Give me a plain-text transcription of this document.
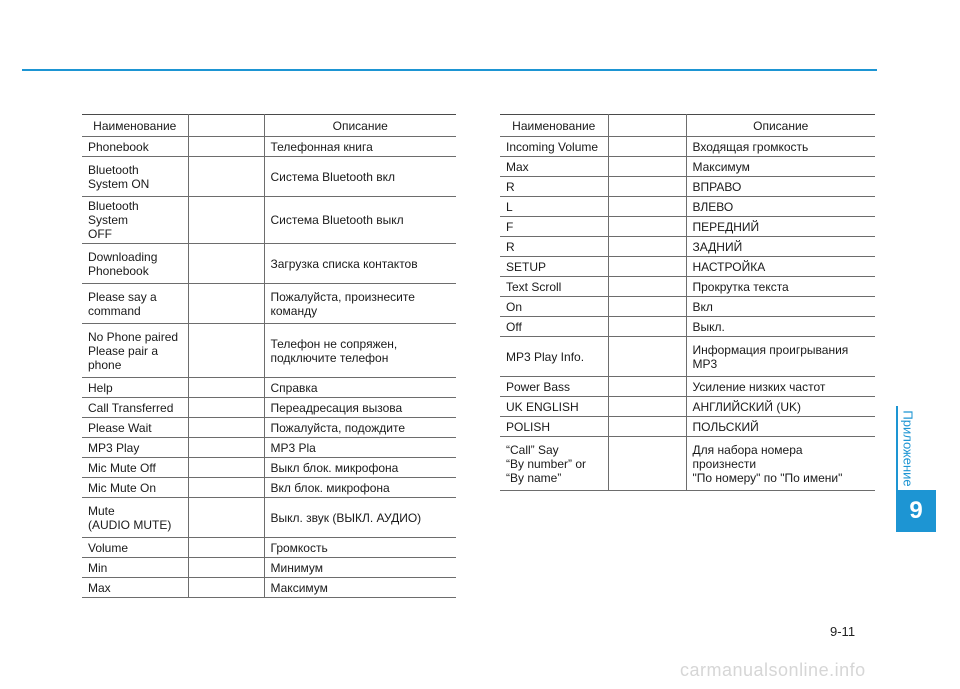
Наименование		Описание

Phonebook		Телефонная книга

Bluetooth
System ON		Система Bluetooth вкл

Bluetooth System
OFF		Система Bluetooth выкл

Downloading
Phonebook		Загрузка списка контактов

Please say a
command		Пожалуйста, произнесите
команду

No Phone paired
Please pair a
phone		Телефон не сопряжен,
подключите телефон

Help		Справка

Call Transferred		Переадресация вызова

Please Wait		Пожалуйста, подождите

MP3 Play		MP3 Pla

Mic Mute Off		Выкл блок. микрофона

Mic Mute On		Вкл блок. микрофона

Mute
(AUDIO MUTE)		Выкл. звук (ВЫКЛ. АУДИО)

Volume		Громкость

Min		Минимум

Max		Максимум
Наименование		Описание

Incoming Volume		Входящая громкость

Max		Максимум

R		ВПРАВО

L		ВЛЕВО

F		ПЕРЕДНИЙ

R		ЗАДНИЙ

SETUP		НАСТРОЙКА

Text Scroll		Прокрутка текста

On		Вкл

Off		Выкл.

MP3 Play Info.		Информация проигрывания
MP3

Power Bass		Усиление низких частот

UK ENGLISH		АНГЛИЙСКИЙ (UK)

POLISH		ПОЛЬСКИЙ

“Call” Say
“By number” or
“By name”		Для набора номера произнести
"По номеру" по "По имени"	Приложение
9
9-11
carmanualsonline.info
